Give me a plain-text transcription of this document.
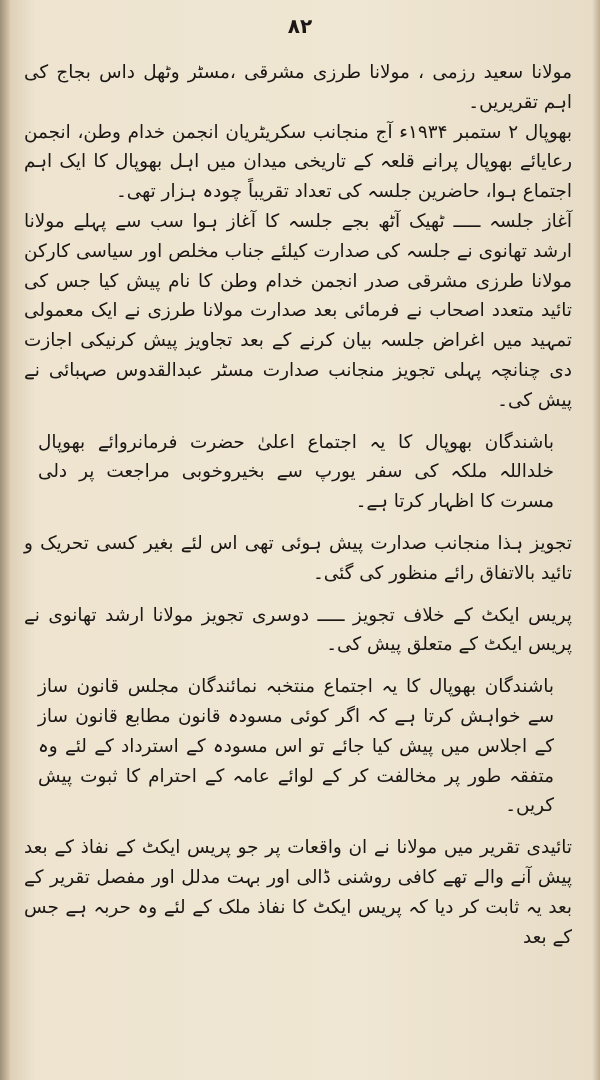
۸۲

مولانا سعید رزمی ، مولانا طرزی مشرقی ،مسٹر وٹھل داس بجاج کی اہم تقریریں۔

بھوپال ۲ ستمبر ۱۹۳۴ء آج منجانب سکریٹریان انجمن خدام وطن، انجمن رعایائے بھوپال پرانے قلعہ کے تاریخی میدان میں اہل بھوپال کا ایک اہم اجتماع ہوا، حاضرین جلسہ کی تعداد تقریباً چودہ ہزار تھی۔

آغاز جلسہ ـــــ ٹھیک آٹھ بجے جلسہ کا آغاز ہوا سب سے پہلے مولانا ارشد تھانوی نے جلسہ کی صدارت کیلئے جناب مخلص اور سیاسی کارکن مولانا طرزی مشرقی صدر انجمن خدام وطن کا نام پیش کیا جس کی تائید متعدد اصحاب نے فرمائی بعد صدارت مولانا طرزی نے ایک معمولی تمہید میں اغراض جلسہ بیان کرنے کے بعد تجاویز پیش کرنیکی اجازت دی چنانچہ پہلی تجویز منجانب صدارت مسٹر عبدالقدوس صہبائی نے پیش کی۔

باشندگان بھوپال کا یہ اجتماع اعلیٰ حضرت فرمانروائے بھوپال خلداللہ ملکہ کی سفر یورپ سے بخیروخوبی مراجعت پر دلی مسرت کا اظہار کرتا ہے۔

تجویز ہذا منجانب صدارت پیش ہوئی تھی اس لئے بغیر کسی تحریک و تائید بالاتفاق رائے منظور کی گئی۔

پریس ایکٹ کے خلاف تجویز ـــــ دوسری تجویز مولانا ارشد تھانوی نے پریس ایکٹ کے متعلق پیش کی۔

باشندگان بھوپال کا یہ اجتماع منتخبہ نمائندگان مجلس قانون ساز سے خواہش کرتا ہے کہ اگر کوئی مسودہ قانون مطابع قانون ساز کے اجلاس میں پیش کیا جائے تو اس مسودہ کے استرداد کے لئے وہ متفقہ طور پر مخالفت کر کے لوائے عامہ کے احترام کا ثبوت پیش کریں۔

تائیدی تقریر میں مولانا نے ان واقعات پر جو پریس ایکٹ کے نفاذ کے بعد پیش آنے والے تھے کافی روشنی ڈالی اور بہت مدلل اور مفصل تقریر کے بعد یہ ثابت کر دیا کہ پریس ایکٹ کا نفاذ ملک کے لئے وہ حربہ ہے جس کے بعد
